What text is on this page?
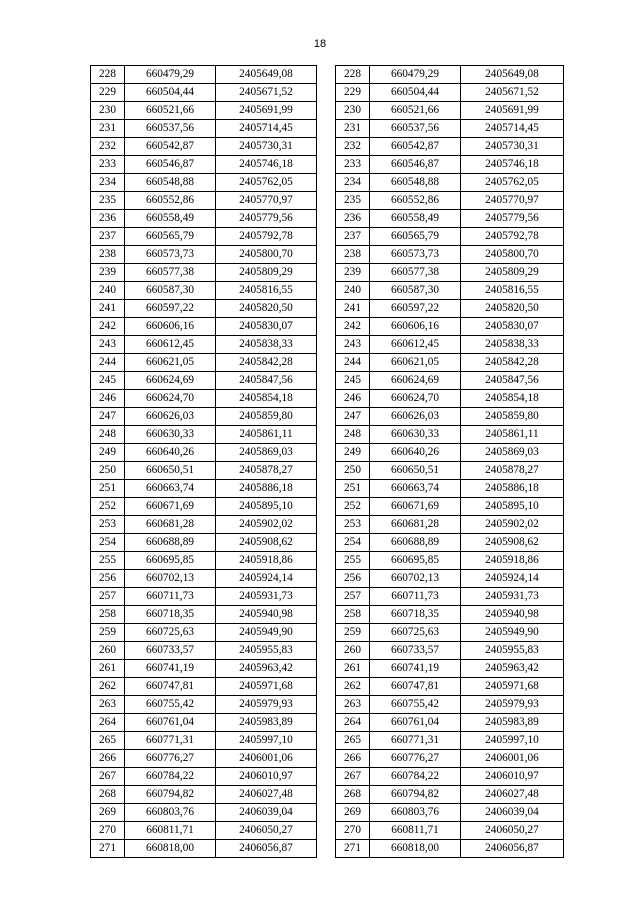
18
228	660479,29	2405649,08
229	660504,44	2405671,52
230	660521,66	2405691,99
231	660537,56	2405714,45
232	660542,87	2405730,31
233	660546,87	2405746,18
234	660548,88	2405762,05
235	660552,86	2405770,97
236	660558,49	2405779,56
237	660565,79	2405792,78
238	660573,73	2405800,70
239	660577,38	2405809,29
240	660587,30	2405816,55
241	660597,22	2405820,50
242	660606,16	2405830,07
243	660612,45	2405838,33
244	660621,05	2405842,28
245	660624,69	2405847,56
246	660624,70	2405854,18
247	660626,03	2405859,80
248	660630,33	2405861,11
249	660640,26	2405869,03
250	660650,51	2405878,27
251	660663,74	2405886,18
252	660671,69	2405895,10
253	660681,28	2405902,02
254	660688,89	2405908,62
255	660695,85	2405918,86
256	660702,13	2405924,14
257	660711,73	2405931,73
258	660718,35	2405940,98
259	660725,63	2405949,90
260	660733,57	2405955,83
261	660741,19	2405963,42
262	660747,81	2405971,68
263	660755,42	2405979,93
264	660761,04	2405983,89
265	660771,31	2405997,10
266	660776,27	2406001,06
267	660784,22	2406010,97
268	660794,82	2406027,48
269	660803,76	2406039,04
270	660811,71	2406050,27
271	660818,00	2406056,87
228	660479,29	2405649,08
229	660504,44	2405671,52
230	660521,66	2405691,99
231	660537,56	2405714,45
232	660542,87	2405730,31
233	660546,87	2405746,18
234	660548,88	2405762,05
235	660552,86	2405770,97
236	660558,49	2405779,56
237	660565,79	2405792,78
238	660573,73	2405800,70
239	660577,38	2405809,29
240	660587,30	2405816,55
241	660597,22	2405820,50
242	660606,16	2405830,07
243	660612,45	2405838,33
244	660621,05	2405842,28
245	660624,69	2405847,56
246	660624,70	2405854,18
247	660626,03	2405859,80
248	660630,33	2405861,11
249	660640,26	2405869,03
250	660650,51	2405878,27
251	660663,74	2405886,18
252	660671,69	2405895,10
253	660681,28	2405902,02
254	660688,89	2405908,62
255	660695,85	2405918,86
256	660702,13	2405924,14
257	660711,73	2405931,73
258	660718,35	2405940,98
259	660725,63	2405949,90
260	660733,57	2405955,83
261	660741,19	2405963,42
262	660747,81	2405971,68
263	660755,42	2405979,93
264	660761,04	2405983,89
265	660771,31	2405997,10
266	660776,27	2406001,06
267	660784,22	2406010,97
268	660794,82	2406027,48
269	660803,76	2406039,04
270	660811,71	2406050,27
271	660818,00	2406056,87
